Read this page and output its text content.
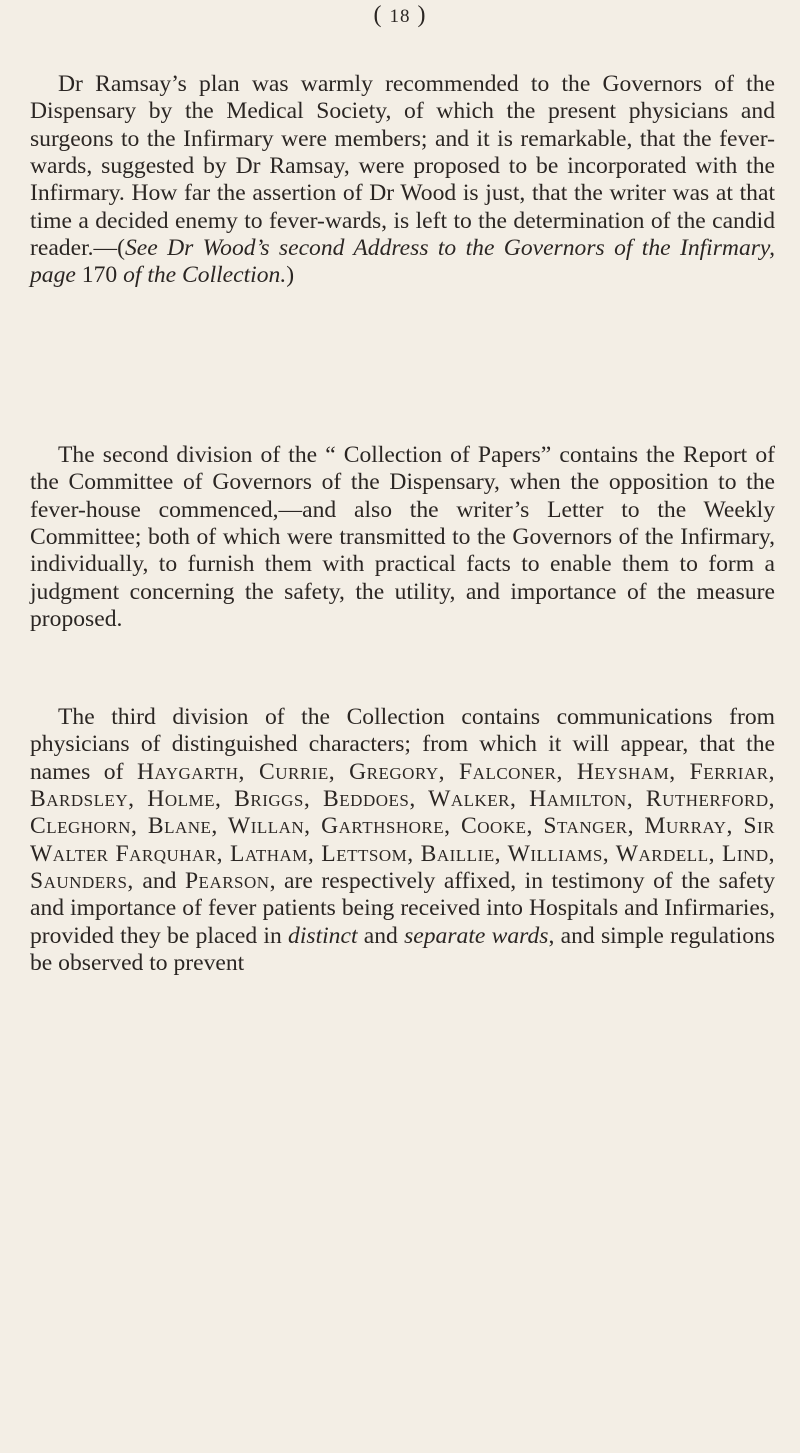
( 18 )

Dr Ramsay’s plan was warmly recommended to the Governors of the Dispensary by the Medical Society, of which the present physicians and surgeons to the Infirmary were members; and it is remarkable, that the fever-wards, suggested by Dr Ramsay, were proposed to be incorporated with the Infirmary. How far the assertion of Dr Wood is just, that the writer was at that time a decided enemy to fever-wards, is left to the determination of the candid reader.—(See Dr Wood’s second Address to the Governors of the Infirmary, page 170 of the Collection.)

The second division of the “ Collection of Papers” contains the Report of the Committee of Governors of the Dispensary, when the opposition to the fever-house commenced,—and also the writer’s Letter to the Weekly Committee; both of which were transmitted to the Governors of the Infirmary, individually, to furnish them with practical facts to enable them to form a judgment concerning the safety, the utility, and importance of the measure proposed.

The third division of the Collection contains communications from physicians of distinguished characters; from which it will appear, that the names of Haygarth, Currie, Gregory, Falconer, Heysham, Ferriar, Bardsley, Holme, Briggs, Beddoes, Walker, Hamilton, Rutherford, Cleghorn, Blane, Willan, Garthshore, Cooke, Stanger, Murray, Sir Walter Farquhar, Latham, Lettsom, Baillie, Williams, Wardell, Lind, Saunders, and Pearson, are respectively affixed, in testimony of the safety and importance of fever patients being received into Hospitals and Infirmaries, provided they be placed in distinct and separate wards, and simple regulations be observed to prevent
